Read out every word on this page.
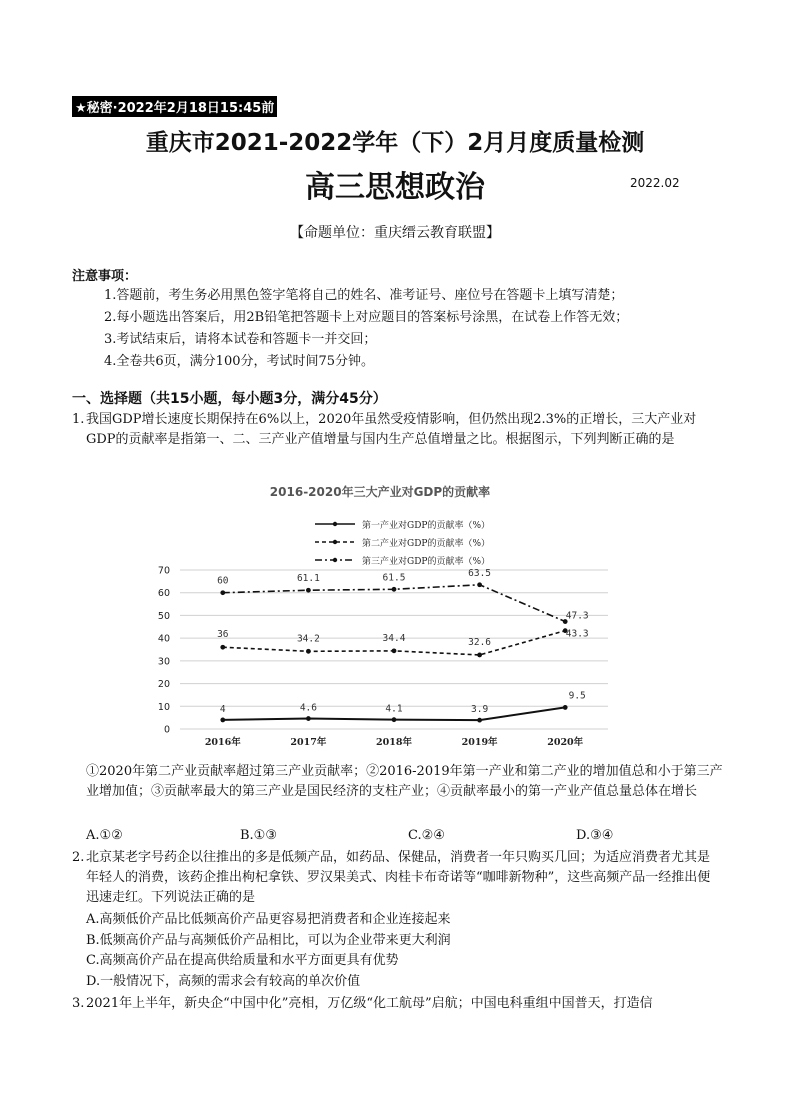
★秘密·2022年2月18日15:45前
重庆市2021-2022学年（下）2月月度质量检测
高三思想政治	2022.02
【命题单位：重庆缙云教育联盟】
注意事项：
1.答题前，考生务必用黑色签字笔将自己的姓名、准考证号、座位号在答题卡上填写清楚；
2.每小题选出答案后，用2B铅笔把答题卡上对应题目的答案标号涂黑，在试卷上作答无效；
3.考试结束后，请将本试卷和答题卡一并交回；
4.全卷共6页，满分100分，考试时间75分钟。
一、选择题（共15小题，每小题3分，满分45分）
1. 我国GDP增长速度长期保持在6%以上，2020年虽然受疫情影响，但仍然出现2.3%的正增长，三大产业对GDP的贡献率是指第一、二、三产业产值增量与国内生产总值增量之比。根据图示，下列判断正确的是
2016-2020年三大产业对GDP的贡献率
第一产业对GDP的贡献率（%）
第二产业对GDP的贡献率（%）
第三产业对GDP的贡献率（%）
0
10
20
30
40
50
60
70
2016年	2017年	2018年	2019年	2020年
4	4.6	4.1	3.9
9.5
36	34.2	34.4	32.6
43.3
60	61.1	61.5	63.5
47.3
①2020年第二产业贡献率超过第三产业贡献率；②2016-2019年第一产业和第二产业的增加值总和小于第三产业增加值；③贡献率最大的第三产业是国民经济的支柱产业；④贡献率最小的第一产业产值总量总体在增长
A.①②	B.①③	C.②④	D.③④
2. 北京某老字号药企以往推出的多是低频产品，如药品、保健品，消费者一年只购买几回；为适应消费者尤其是年轻人的消费，该药企推出枸杞拿铁、罗汉果美式、肉桂卡布奇诺等“咖啡新物种”，这些高频产品一经推出便迅速走红。下列说法正确的是
A.高频低价产品比低频高价产品更容易把消费者和企业连接起来
B.低频高价产品与高频低价产品相比，可以为企业带来更大利润
C.高频高价产品在提高供给质量和水平方面更具有优势
D.一般情况下，高频的需求会有较高的单次价值
3. 2021年上半年，新央企“中国中化”亮相，万亿级“化工航母”启航；中国电科重组中国普天，打造信
